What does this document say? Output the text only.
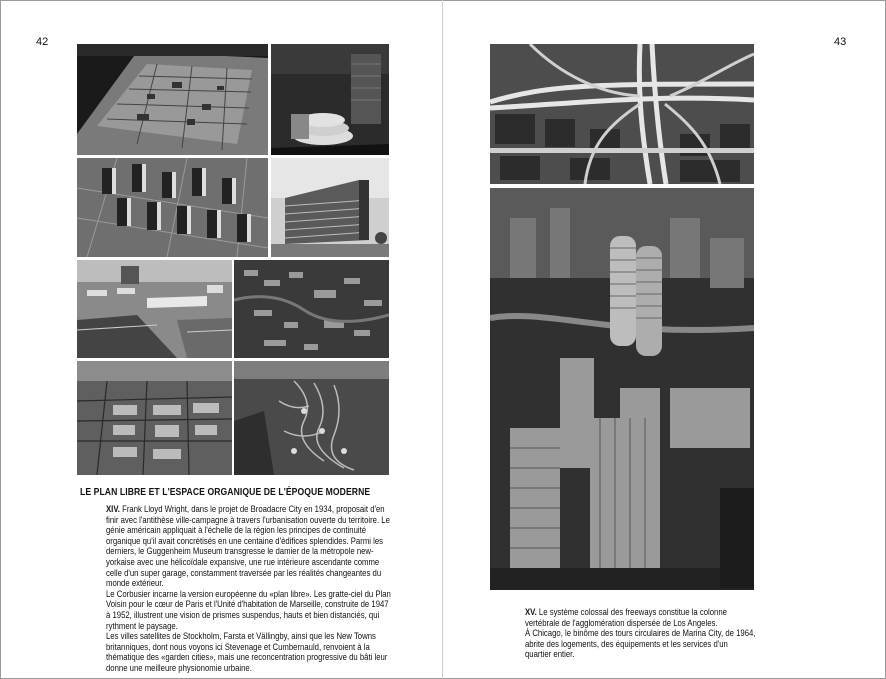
42	43
LE PLAN LIBRE ET L'ESPACE ORGANIQUE DE L'ÉPOQUE MODERNE

XIV. Frank Lloyd Wright, dans le projet de Broadacre City en 1934, proposait d'en finir avec l'antithèse ville-campagne à travers l'urbanisation ouverte du territoire. Le génie américain appliquait à l'échelle de la région les principes de continuité organique qu'il avait concrétisés en une centaine d'édifices splendides. Parmi les derniers, le Guggenheim Museum transgresse le damier de la métropole new-yorkaise avec une hélicoïdale expansive, une rue intérieure ascendante comme celle d'un super garage, constamment traversée par les réalités changeantes du monde extérieur.

Le Corbusier incarne la version européenne du «plan libre». Les gratte-ciel du Plan Voisin pour le cœur de Paris et l'Unité d'habitation de Marseille, construite de 1947 à 1952, illustrent une vision de prismes suspendus, hauts et bien distanciés, qui rythment le paysage.

Les villes satellites de Stockholm, Farsta et Vällingby, ainsi que les New Towns britanniques, dont nous voyons ici Stevenage et Cumbernauld, renvoient à la thématique des «garden cities», mais une reconcentration progressive du bâti leur donne une meilleure physionomie urbaine.

XV. Le système colossal des freeways constitue la colonne vertébrale de l'agglomération dispersée de Los Angeles.

À Chicago, le binôme des tours circulaires de Marina City, de 1964, abrite des logements, des équipements et les services d'un quartier entier.
